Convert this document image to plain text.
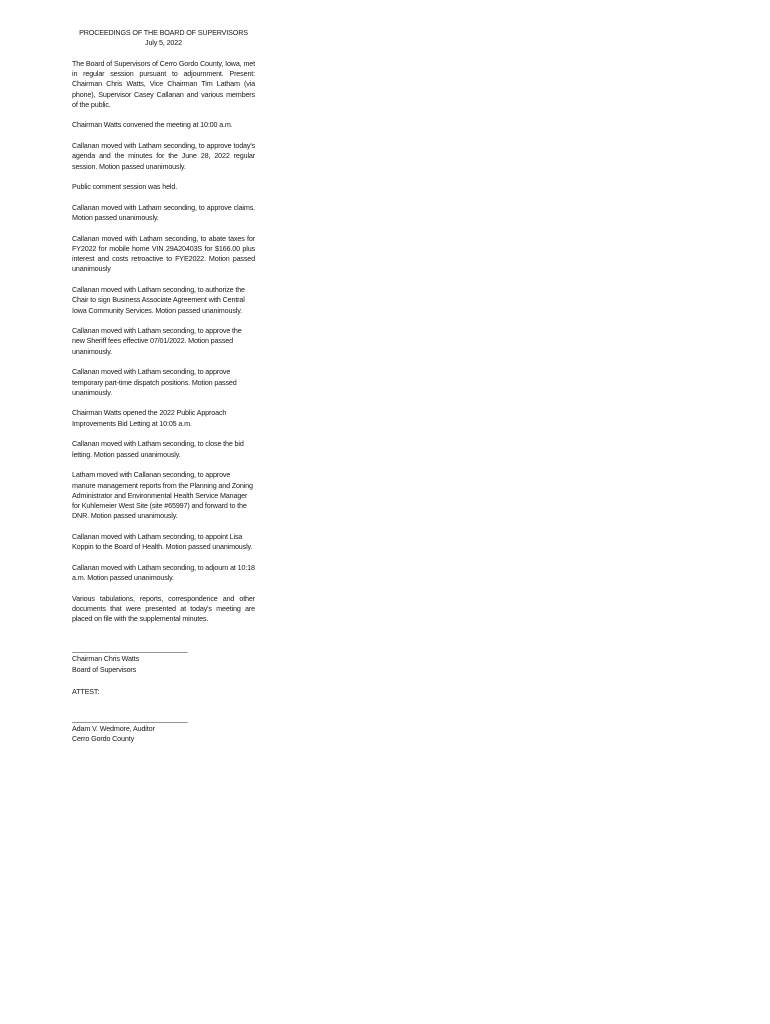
PROCEEDINGS OF THE BOARD OF SUPERVISORS
July 5, 2022

The Board of Supervisors of Cerro Gordo County, Iowa, met in regular session pursuant to adjournment. Present: Chairman Chris Watts, Vice Chairman Tim Latham (via phone), Supervisor Casey Callanan and various members of the public.

Chairman Watts convened the meeting at 10:00 a.m.

Callanan moved with Latham seconding, to approve today's agenda and the minutes for the June 28, 2022 regular session. Motion passed unanimously.

Public comment session was held.

Callanan moved with Latham seconding, to approve claims. Motion passed unanimously.

Callanan moved with Latham seconding, to abate taxes for FY2022 for mobile home VIN 29A20403S for $166.00 plus interest and costs retroactive to FYE2022. Motion passed unanimously

Callanan moved with Latham seconding, to authorize the Chair to sign Business Associate Agreement with Central Iowa Community Services. Motion passed unanimously.

Callanan moved with Latham seconding, to approve the new Sheriff fees effective 07/01/2022. Motion passed unanimously.

Callanan moved with Latham seconding, to approve temporary part-time dispatch positions. Motion passed unanimously.

Chairman Watts opened the 2022 Public Approach Improvements Bid Letting at 10:05 a.m.

Callanan moved with Latham seconding, to close the bid letting. Motion passed unanimously.

Latham moved with Callanan seconding, to approve manure management reports from the Planning and Zoning Administrator and Environmental Health Service Manager for Kuhlemeier West Site (site #65997) and forward to the DNR. Motion passed unanimously.

Callanan moved with Latham seconding, to appoint Lisa Koppin to the Board of Health. Motion passed unanimously.

Callanan moved with Latham seconding, to adjourn at 10:18 a.m. Motion passed unanimously.

Various tabulations, reports, correspondence and other documents that were presented at today's meeting are placed on file with the supplemental minutes.

______________________________
Chairman Chris Watts
Board of Supervisors
ATTEST:
______________________________
Adam V. Wedmore, Auditor
Cerro Gordo County
